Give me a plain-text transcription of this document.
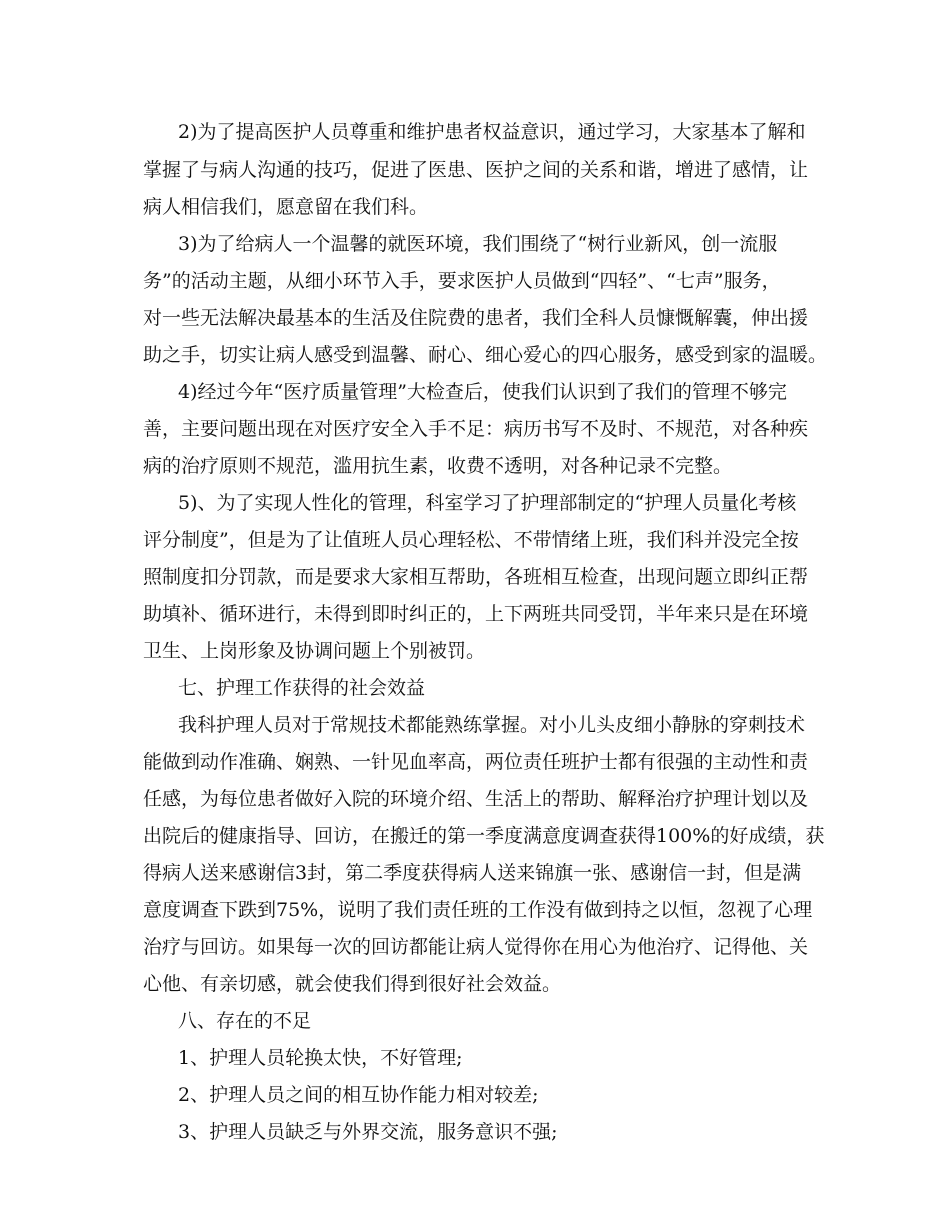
2)为了提高医护人员尊重和维护患者权益意识，通过学习，大家基本了解和
掌握了与病人沟通的技巧，促进了医患、医护之间的关系和谐，增进了感情，让
病人相信我们，愿意留在我们科。
3)为了给病人一个温馨的就医环境，我们围绕了“树行业新风，创一流服
务”的活动主题，从细小环节入手，要求医护人员做到“四轻”、“七声”服务，
对一些无法解决最基本的生活及住院费的患者，我们全科人员慷慨解囊，伸出援
助之手，切实让病人感受到温馨、耐心、细心爱心的四心服务，感受到家的温暖。
4)经过今年“医疗质量管理”大检查后，使我们认识到了我们的管理不够完
善，主要问题出现在对医疗安全入手不足：病历书写不及时、不规范，对各种疾
病的治疗原则不规范，滥用抗生素，收费不透明，对各种记录不完整。
5)、为了实现人性化的管理，科室学习了护理部制定的“护理人员量化考核
评分制度”，但是为了让值班人员心理轻松、不带情绪上班，我们科并没完全按
照制度扣分罚款，而是要求大家相互帮助，各班相互检查，出现问题立即纠正帮
助填补、循环进行，未得到即时纠正的，上下两班共同受罚，半年来只是在环境
卫生、上岗形象及协调问题上个别被罚。
七、护理工作获得的社会效益
我科护理人员对于常规技术都能熟练掌握。对小儿头皮细小静脉的穿刺技术
能做到动作准确、娴熟、一针见血率高，两位责任班护士都有很强的主动性和责
任感，为每位患者做好入院的环境介绍、生活上的帮助、解释治疗护理计划以及
出院后的健康指导、回访，在搬迁的第一季度满意度调查获得100%的好成绩，获
得病人送来感谢信3封，第二季度获得病人送来锦旗一张、感谢信一封，但是满
意度调查下跌到75%，说明了我们责任班的工作没有做到持之以恒，忽视了心理
治疗与回访。如果每一次的回访都能让病人觉得你在用心为他治疗、记得他、关
心他、有亲切感，就会使我们得到很好社会效益。
八、存在的不足
1、护理人员轮换太快，不好管理;
2、护理人员之间的相互协作能力相对较差;
3、护理人员缺乏与外界交流，服务意识不强;
